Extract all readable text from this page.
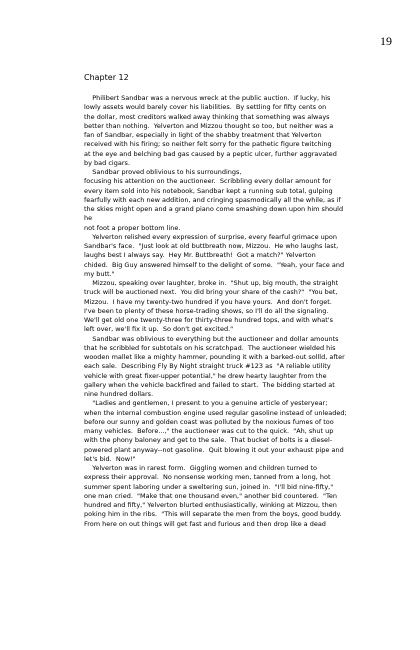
19
Chapter 12
Philibert Sandbar was a nervous wreck at the public auction.  If lucky, his
lowly assets would barely cover his liabilities.  By settling for fifty cents on
the dollar, most creditors walked away thinking that something was always
better than nothing.  Yelverton and Mizzou thought so too, but neither was a
fan of Sandbar, especially in light of the shabby treatment that Yelverton
received with his firing; so neither felt sorry for the pathetic figure twitching
at the eye and belching bad gas caused by a peptic ulcer, further aggravated
by bad cigars.
Sandbar proved oblivious to his surroundings,
focusing his attention on the auctioneer.  Scribbling every dollar amount for
every item sold into his notebook, Sandbar kept a running sub total, gulping
fearfully with each new addition, and cringing spasmodically all the while, as if
the skies might open and a grand piano come smashing down upon him should he
not foot a proper bottom line.
Yelverton relished every expression of surprise, every fearful grimace upon
Sandbar's face.  "Just look at old buttbreath now, Mizzou.  He who laughs last,
laughs best I always say.  Hey Mr. Buttbreath!  Got a match?" Yelverton
chided.  Big Guy answered himself to the delight of some.  "Yeah, your face and
my butt."
Mizzou, speaking over laughter, broke in.  "Shut up, big mouth, the straight
truck will be auctioned next.  You did bring your share of the cash?"  "You bet,
Mizzou.  I have my twenty-two hundred if you have yours.  And don't forget.
I've been to plenty of these horse-trading shows, so I'll do all the signaling.
We'll get old one twenty-three for thirty-three hundred tops, and with what's
left over, we'll fix it up.  So don't get excited."
Sandbar was oblivious to everything but the auctioneer and dollar amounts
that he scribbled for subtotals on his scratchpad.  The auctioneer wielded his
wooden mallet like a mighty hammer, pounding it with a barked-out sollld, after
each sale.  Describing Fly By Night straight truck #123 as  "A reliable utility
vehicle with great fixer-upper potential," he drew hearty laughter from the
gallery when the vehicle backfired and failed to start.  The bidding started at
nine hundred dollars.
"Ladies and gentlemen, I present to you a genuine article of yesteryear;
when the internal combustion engine used regular gasoline instead of unleaded;
before our sunny and golden coast was polluted by the noxious fumes of too
many vehicles.  Before...," the auctioneer was cut to the quick.  "Ah, shut up
with the phony baloney and get to the sale.  That bucket of bolts is a diesel-
powered plant anyway--not gasoline.  Quit blowing it out your exhaust pipe and
let's bid.  Now!"
Yelverton was in rarest form.  Giggling women and children turned to
express their approval.  No nonsense working men, tanned from a long, hot
summer spent laboring under a sweltering sun, joined in.  "I'll bid nine-fifty,"
one man cried.  "Make that one thousand even," another bid countered.  "Ten
hundred and fifty," Yelverton blurted enthusiastically, winking at Mizzou, then
poking him in the ribs.  "This will separate the men from the boys, good buddy.
From here on out things will get fast and furious and then drop like a dead
